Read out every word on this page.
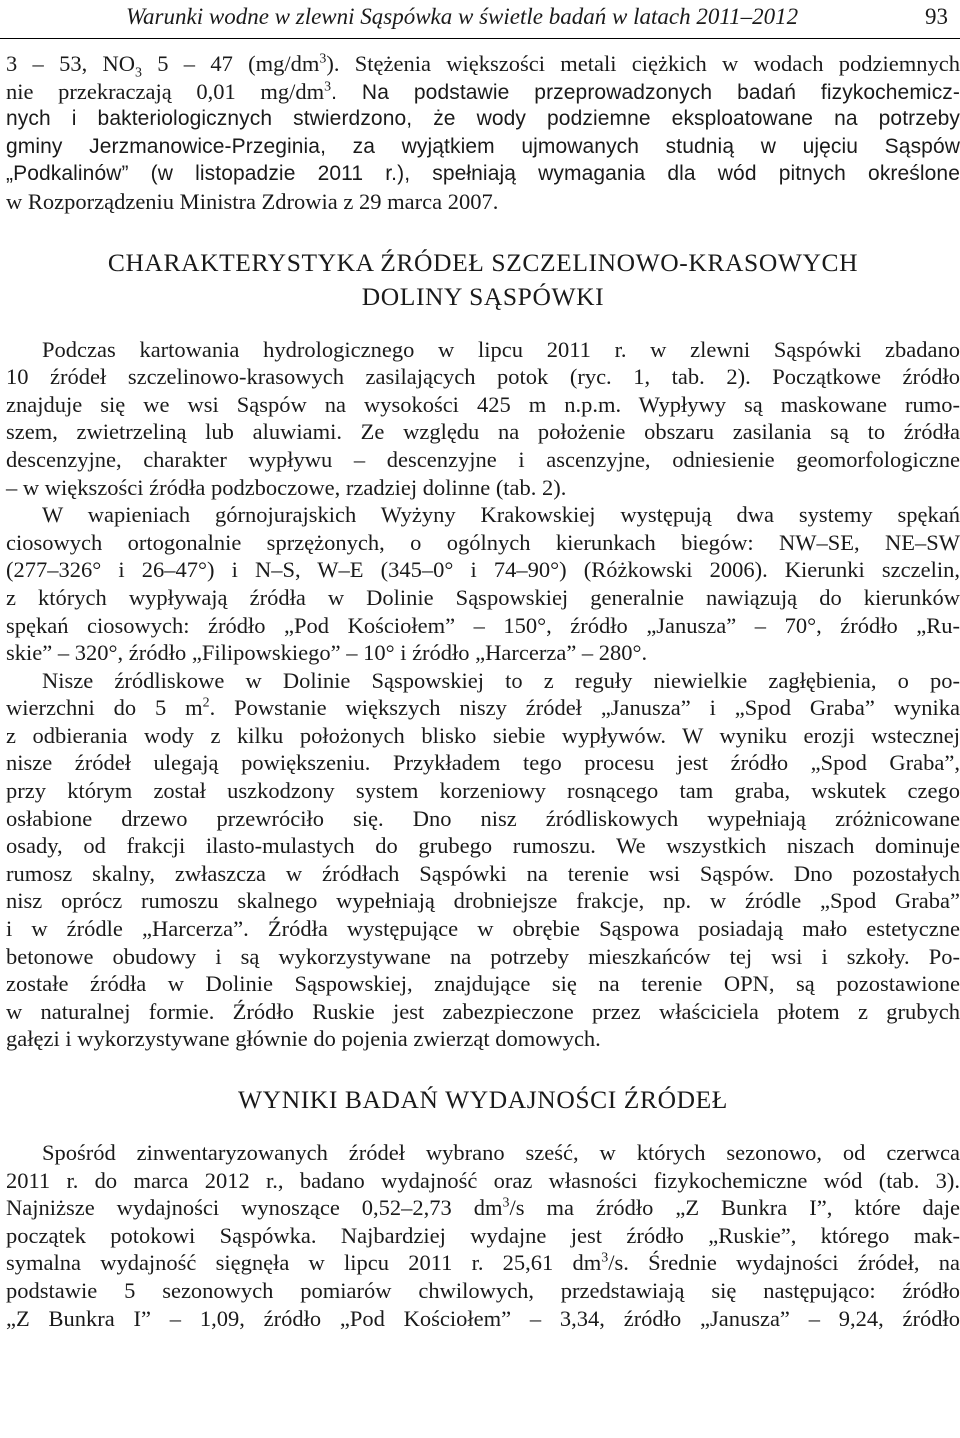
Warunki wodne w zlewni Sąspówka w świetle badań w latach 2011–2012	93
3 – 53, $NO_3$ 5 – 47 $(mg/dm^3)$. Stężenia większości metali ciężkich w wodach podziemnych
nie przekraczają 0,01 $mg/dm^3$. Na podstawie przeprowadzonych badań fizykochemicz-
nych i bakteriologicznych stwierdzono, że wody podziemne eksploatowane na potrzeby
gminy Jerzmanowice-Przeginia, za wyjątkiem ujmowanych studnią w ujęciu Sąspów
„Podkalinów” (w listopadzie 2011 r.), spełniają wymagania dla wód pitnych określone
w Rozporządzeniu Ministra Zdrowia z 29 marca 2007.
CHARAKTERYSTYKA ŹRÓDEŁ SZCZELINOWO-KRASOWYCH
DOLINY SĄSPÓWKI
Podczas kartowania hydrologicznego w lipcu 2011 r. w zlewni Sąspówki zbadano
10 źródeł szczelinowo-krasowych zasilających potok (ryc. 1, tab. 2). Początkowe źródło
znajduje się we wsi Sąspów na wysokości 425 m n.p.m. Wypływy są maskowane rumo-
szem, zwietrzeliną lub aluwiami. Ze względu na położenie obszaru zasilania są to źródła
descenzyjne, charakter wypływu – descenzyjne i ascenzyjne, odniesienie geomorfologiczne
– w większości źródła podzboczowe, rzadziej dolinne (tab. 2).
W wapieniach górnojurajskich Wyżyny Krakowskiej występują dwa systemy spękań
ciosowych ortogonalnie sprzężonych, o ogólnych kierunkach biegów: NW–SE, NE–SW
(277–326° i 26–47°) i N–S, W–E (345–0° i 74–90°) (Różkowski 2006). Kierunki szczelin,
z których wypływają źródła w Dolinie Sąspowskiej generalnie nawiązują do kierunków
spękań ciosowych: źródło „Pod Kościołem” – 150°, źródło „Janusza” – 70°, źródło „Ru-
skie” – 320°, źródło „Filipowskiego” – 10° i źródło „Harcerza” – 280°.
Nisze źródliskowe w Dolinie Sąspowskiej to z reguły niewielkie zagłębienia, o po-
wierzchni do 5 $m^2$. Powstanie większych niszy źródeł „Janusza” i „Spod Graba” wynika
z odbierania wody z kilku położonych blisko siebie wypływów. W wyniku erozji wstecznej
nisze źródeł ulegają powiększeniu. Przykładem tego procesu jest źródło „Spod Graba”,
przy którym został uszkodzony system korzeniowy rosnącego tam graba, wskutek czego
osłabione drzewo przewróciło się. Dno nisz źródliskowych wypełniają zróżnicowane
osady, od frakcji ilasto-mulastych do grubego rumoszu. We wszystkich niszach dominuje
rumosz skalny, zwłaszcza w źródłach Sąspówki na terenie wsi Sąspów. Dno pozostałych
nisz oprócz rumoszu skalnego wypełniają drobniejsze frakcje, np. w źródle „Spod Graba”
i w źródle „Harcerza”. Źródła występujące w obrębie Sąspowa posiadają mało estetyczne
betonowe obudowy i są wykorzystywane na potrzeby mieszkańców tej wsi i szkoły. Po-
zostałe źródła w Dolinie Sąspowskiej, znajdujące się na terenie OPN, są pozostawione
w naturalnej formie. Źródło Ruskie jest zabezpieczone przez właściciela płotem z grubych
gałęzi i wykorzystywane głównie do pojenia zwierząt domowych.
WYNIKI BADAŃ WYDAJNOŚCI ŹRÓDEŁ
Spośród zinwentaryzowanych źródeł wybrano sześć, w których sezonowo, od czerwca
2011 r. do marca 2012 r., badano wydajność oraz własności fizykochemiczne wód (tab. 3).
Najniższe wydajności wynoszące 0,52–2,73 $dm^3/s$ ma źródło „Z Bunkra I”, które daje
początek potokowi Sąspówka. Najbardziej wydajne jest źródło „Ruskie”, którego mak-
symalna wydajność sięgnęła w lipcu 2011 r. 25,61 $dm^3/s$. Średnie wydajności źródeł, na
podstawie 5 sezonowych pomiarów chwilowych, przedstawiają się następująco: źródło
„Z Bunkra I” – 1,09, źródło „Pod Kościołem” – 3,34, źródło „Janusza” – 9,24, źródło
